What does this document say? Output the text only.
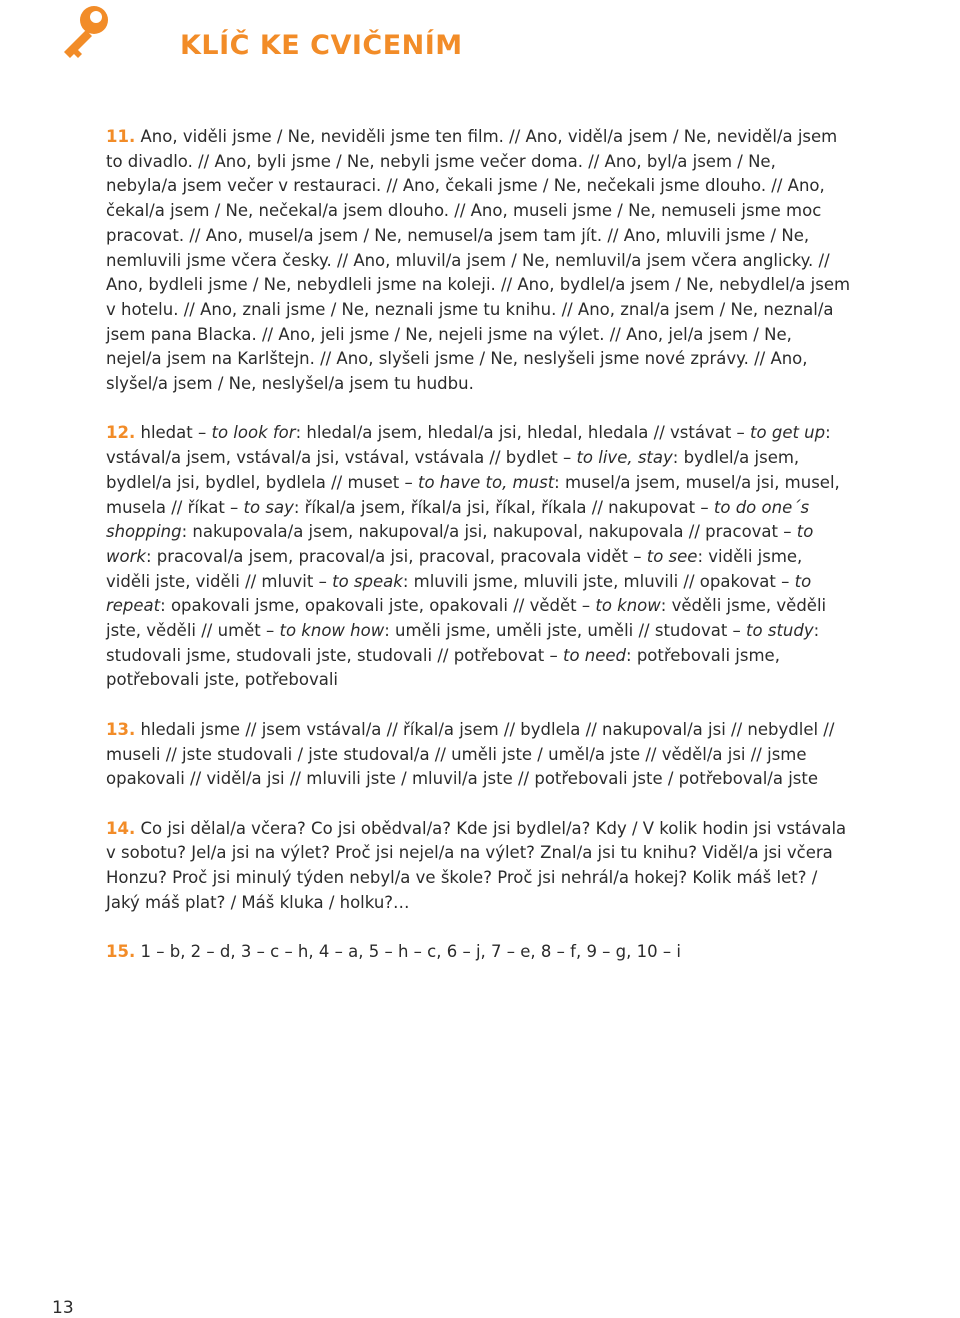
KLÍČ KE CVIČENÍM

11. Ano, viděli jsme / Ne, neviděli jsme ten film. // Ano, viděl/a jsem / Ne, neviděl/a jsem to divadlo. // Ano, byli jsme / Ne, nebyli jsme večer doma. // Ano, byl/a jsem / Ne, nebyla/a jsem večer v restauraci. // Ano, čekali jsme / Ne, nečekali jsme dlouho. // Ano, čekal/a jsem / Ne, nečekal/a jsem dlouho. // Ano, museli jsme / Ne, nemuseli jsme moc pracovat. // Ano, musel/a jsem / Ne, nemusel/a jsem tam jít. // Ano, mluvili jsme / Ne, nemluvili jsme včera česky. // Ano, mluvil/a jsem / Ne, nemluvil/a jsem včera anglicky. // Ano, bydleli jsme / Ne, nebydleli jsme na koleji. // Ano, bydlel/a jsem / Ne, nebydlel/a jsem v hotelu. // Ano, znali jsme / Ne, neznali jsme tu knihu. // Ano, znal/a jsem / Ne, neznal/a jsem pana Blacka. // Ano, jeli jsme / Ne, nejeli jsme na výlet. // Ano, jel/a jsem / Ne, nejel/a jsem na Karlštejn. // Ano, slyšeli jsme / Ne, neslyšeli jsme nové zprávy. // Ano, slyšel/a jsem / Ne, neslyšel/a jsem tu hudbu.

12. hledat – to look for: hledal/a jsem, hledal/a jsi, hledal, hledala // vstávat – to get up: vstával/a jsem, vstával/a jsi, vstával, vstávala // bydlet – to live, stay: bydlel/a jsem, bydlel/a jsi, bydlel, bydlela // muset – to have to, must: musel/a jsem, musel/a jsi, musel, musela // říkat – to say: říkal/a jsem, říkal/a jsi, říkal, říkala // nakupovat – to do one´s shopping: nakupovala/a jsem, nakupoval/a jsi, nakupoval, nakupovala // pracovat – to work: pracoval/a jsem, pracoval/a jsi, pracoval, pracovala vidět – to see: viděli jsme, viděli jste, viděli // mluvit – to speak: mluvili jsme, mluvili jste, mluvili // opakovat – to repeat: opakovali jsme, opakovali jste, opakovali // vědět – to know: věděli jsme, věděli jste, věděli // umět – to know how: uměli jsme, uměli jste, uměli // studovat – to study: studovali jsme, studovali jste, studovali // potřebovat – to need: potřebovali jsme, potřebovali jste, potřebovali

13. hledali jsme // jsem vstával/a // říkal/a jsem // bydlela // nakupoval/a jsi // nebydlel // museli // jste studovali / jste studoval/a // uměli jste / uměl/a jste // věděl/a jsi // jsme opakovali // viděl/a jsi // mluvili jste / mluvil/a jste // potřebovali jste / potřeboval/a jste

14. Co jsi dělal/a včera? Co jsi obědval/a? Kde jsi bydlel/a? Kdy / V kolik hodin jsi vstávala v sobotu? Jel/a jsi na výlet? Proč jsi nejel/a na výlet? Znal/a jsi tu knihu? Viděl/a jsi včera Honzu? Proč jsi minulý týden nebyl/a ve škole? Proč jsi nehrál/a hokej? Kolik máš let? / Jaký máš plat? / Máš kluka / holku?…

15. 1 – b, 2 – d, 3 – c – h, 4 – a, 5 – h – c, 6 – j, 7 – e, 8 – f, 9 – g, 10 – i

13
